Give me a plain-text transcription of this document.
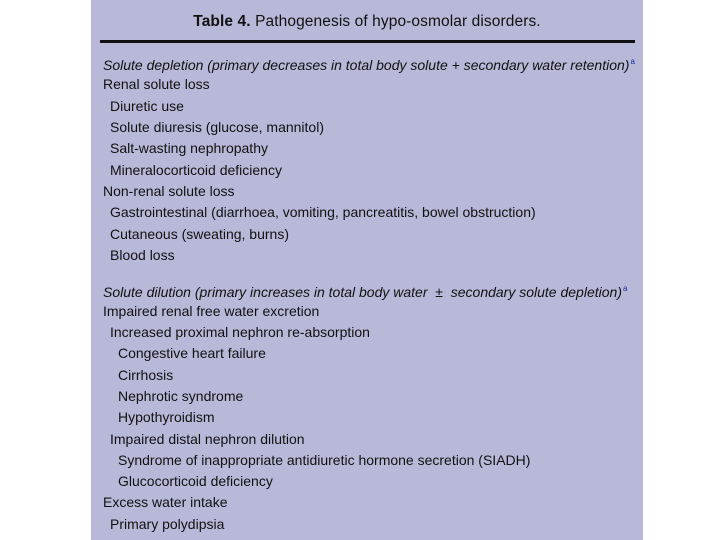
Table 4. Pathogenesis of hypo-osmolar disorders.
Solute depletion (primary decreases in total body solute + secondary water retention)$^a$
Renal solute loss
Diuretic use
Solute diuresis (glucose, mannitol)
Salt-wasting nephropathy
Mineralocorticoid deficiency
Non-renal solute loss
Gastrointestinal (diarrhoea, vomiting, pancreatitis, bowel obstruction)
Cutaneous (sweating, burns)
Blood loss
Solute dilution (primary increases in total body water ± secondary solute depletion)$^a$
Impaired renal free water excretion
Increased proximal nephron re-absorption
Congestive heart failure
Cirrhosis
Nephrotic syndrome
Hypothyroidism
Impaired distal nephron dilution
Syndrome of inappropriate antidiuretic hormone secretion (SIADH)
Glucocorticoid deficiency
Excess water intake
Primary polydipsia
